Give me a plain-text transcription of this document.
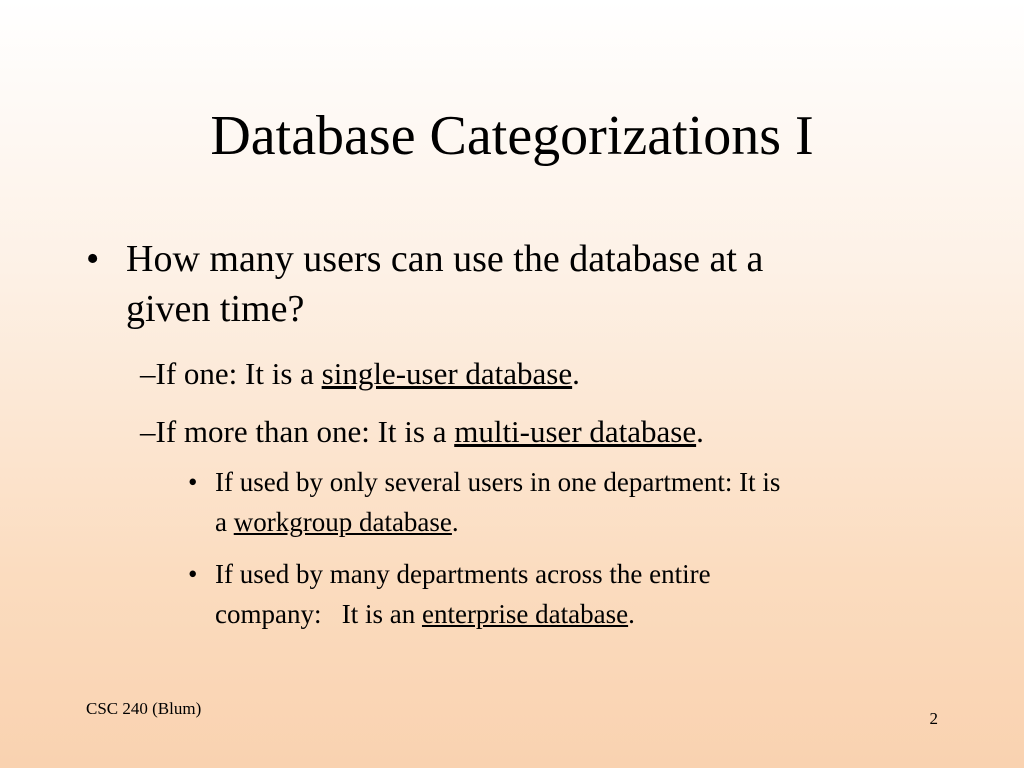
Database Categorizations I
• How many users can use the database at a
given time?
–If one: It is a single-user database.
–If more than one: It is a multi-user database.
• If used by only several users in one department: It is
a workgroup database.
• If used by many departments across the entire
company:   It is an enterprise database.
CSC 240 (Blum)
2
